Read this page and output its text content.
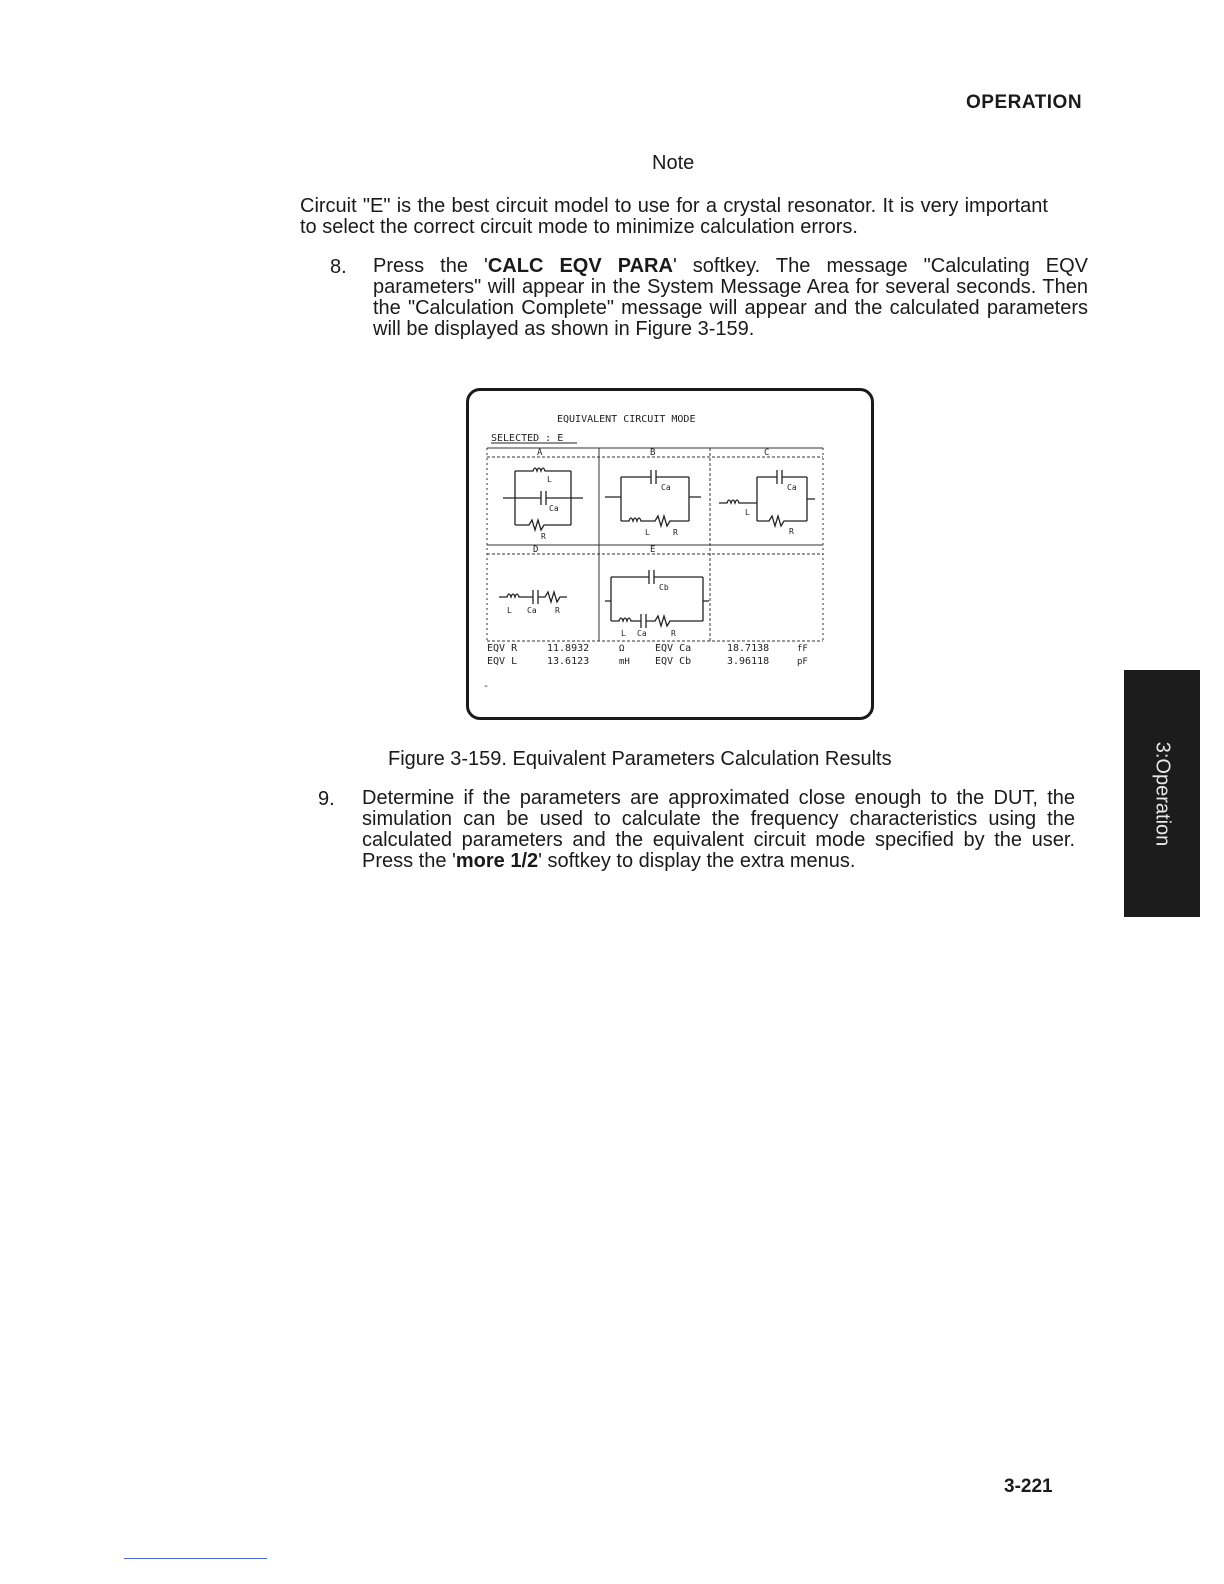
OPERATION
Note
Circuit "E" is the best circuit model to use for a crystal resonator. It is very important to select the correct circuit mode to minimize calculation errors.
8. Press the 'CALC EQV PARA' softkey. The message "Calculating EQV parameters" will appear in the System Message Area for several seconds. Then the "Calculation Complete" message will appear and the calculated parameters will be displayed as shown in Figure 3-159.
EQUIVALENT CIRCUIT MODE
SELECTED : E
A	B	C
D	E
L
Ca
R
Ca
L	R
Ca
L
R
L Ca R
Cb
L Ca	R
EQV R	11.8932	Ω	EQV Ca	18.7138	fF
EQV L	13.6123	mH	EQV Cb	3.96118	pF
-
Figure 3-159. Equivalent Parameters Calculation Results
9. Determine if the parameters are approximated close enough to the DUT, the simulation can be used to calculate the frequency characteristics using the calculated parameters and the equivalent circuit mode specified by the user. Press the 'more 1/2' softkey to display the extra menus.
3:Operation
3-221
